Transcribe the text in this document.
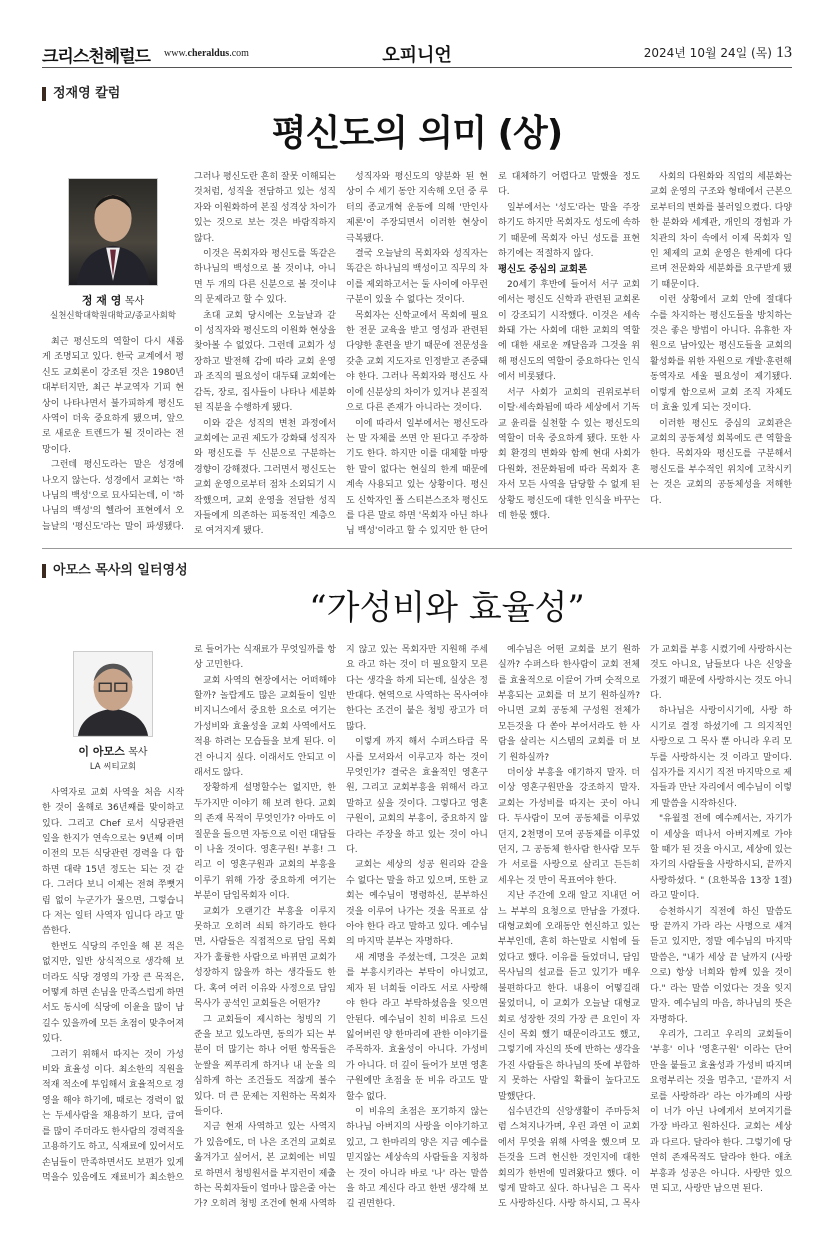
크리스천헤럴드 www.cheraldus.com	오피니언	2024년 10월 24일 (목) 13
정재영 칼럼
평신도의 의미 (상)
정 재 영 목사
실천신학대학원대학교/종교사회학

최근 평신도의 역할이 다시 새롭게 조명되고 있다. 한국 교계에서 평신도 교회론이 강조된 것은 1980년대부터지만, 최근 부교역자 기피 현상이 나타나면서 불가피하게 평신도 사역이 더욱 중요하게 됐으며, 앞으로 새로운 트렌드가 될 것이라는 전망이다.

그런데 평신도라는 말은 성경에 나오지 않는다. 성경에서 교회는 '하나님의 백성'으로 묘사되는데, 이 '하나님의 백성'의 헬라어 표현에서 오늘날의 '평신도'라는 말이 파생됐다. 그러나 평신도란 흔히 잘못 이해되는 것처럼, 성직을 전담하고 있는 성직자와 이원화하여 본질 성격상 차이가 있는 것으로 보는 것은 바람직하지 않다.

이것은 목회자와 평신도를 똑같은 하나님의 백성으로 볼 것이냐, 아니면 두 개의 다른 신분으로 볼 것이냐의 문제라고 할 수 있다.

초대 교회 당시에는 오늘날과 같이 성직자와 평신도의 이원화 현상을 찾아볼 수 없었다. 그런데 교회가 성장하고 발전해 감에 따라 교회 운영과 조직의 필요성이 대두돼 교회에는 감독, 장로, 집사들이 나타나 세분화된 직분을 수행하게 됐다.

이와 같은 성직의 변천 과정에서 교회에는 교권 제도가 강화돼 성직자와 평신도를 두 신분으로 구분하는 경향이 강해졌다. 그러면서 평신도는 교회 운영으로부터 점차 소외되기 시작했으며, 교회 운영을 전담한 성직자들에게 의존하는 피동적인 계층으로 여겨지게 됐다.

성직자와 평신도의 양분화 된 현상이 수 세기 동안 지속해 오던 중 루터의 종교개혁 운동에 의해 '만인사제론'이 주장되면서 이러한 현상이 극복됐다.

결국 오늘날의 목회자와 성직자는 똑같은 하나님의 백성이고 직무의 차이를 제외하고서는 둘 사이에 아무런 구분이 있을 수 없다는 것이다.

목회자는 신학교에서 목회에 필요한 전문 교육을 받고 영성과 관련된 다양한 훈련을 받기 때문에 전문성을 갖춘 교회 지도자로 인정받고 존중돼야 한다. 그러나 목회자와 평신도 사이에 신분상의 차이가 있거나 본질적으로 다른 존재가 아니라는 것이다.

이에 따라서 일부에서는 평신도라는 말 자체를 쓰면 안 된다고 주장하기도 한다. 하지만 이를 대체할 마땅한 말이 없다는 현실의 한계 때문에 계속 사용되고 있는 상황이다. 평신도 신학자인 폴 스티븐스조차 평신도를 다른 말로 하면 '목회자 아닌 하나님 백성'이라고 할 수 있지만 한 단어로 대체하기 어렵다고 말했을 정도다.

일부에서는 '성도'라는 말을 주장하기도 하지만 목회자도 성도에 속하기 때문에 목회자 아닌 성도를 표현하기에는 적절하지 않다.

평신도 중심의 교회론

20세기 후반에 들어서 서구 교회에서는 평신도 신학과 관련된 교회론이 강조되기 시작했다. 이것은 세속화돼 가는 사회에 대한 교회의 역할에 대한 새로운 깨달음과 그것을 위해 평신도의 역할이 중요하다는 인식에서 비롯됐다.

서구 사회가 교회의 권위로부터 이탈·세속화됨에 따라 세상에서 기독교 윤리를 실천할 수 있는 평신도의 역할이 더욱 중요하게 됐다. 또한 사회 환경의 변화와 함께 현대 사회가 다원화, 전문화됨에 따라 목회자 혼자서 모든 사역을 담당할 수 없게 된 상황도 평신도에 대한 인식을 바꾸는 데 한몫 했다.

사회의 다원화와 직업의 세분화는 교회 운영의 구조와 형태에서 근본으로부터의 변화를 불러일으켰다. 다양한 분화와 세계관, 개인의 경험과 가치관의 차이 속에서 이제 목회자 일인 체제의 교회 운영은 한계에 다다르며 전문화와 세분화를 요구받게 됐기 때문이다.

이런 상황에서 교회 안에 절대다수를 차지하는 평신도들을 방치하는 것은 좋은 방법이 아니다. 유휴한 자원으로 남아있는 평신도들을 교회의 활성화를 위한 자원으로 개발·훈련해 동역자로 세울 필요성이 제기됐다. 이렇게 함으로써 교회 조직 자체도 더 효율 있게 되는 것이다.

이러한 평신도 중심의 교회관은 교회의 공동체성 회복에도 큰 역할을 한다. 목회자와 평신도를 구분해서 평신도를 부수적인 위치에 고착시키는 것은 교회의 공동체성을 저해한다.

아모스 목사의 일터영성
“가성비와 효율성”
이 아모스 목사
LA 씨티교회

사역자로 교회 사역을 처음 시작한 것이 올해로 36년째를 맞이하고 있다. 그리고 Chef 로서 식당관련 일을 한지가 연속으로는 9년째 이며 이전의 모든 식당관련 경력을 다 합하면 대략 15년 정도는 되는 것 같다. 그러다 보니 이제는 전혀 쭈뼛거림 없이 누군가가 물으면, 그렇습니다 저는 일터 사역자 입니다 라고 말씀한다.

한번도 식당의 주인을 해 본 적은 없지만, 일반 상식적으로 생각해 보더라도 식당 경영의 가장 큰 목적은, 어떻게 하면 손님을 만족스럽게 하면서도 동시에 식당에 이윤을 많이 남길수 있을까에 모든 초점이 맞추어져 있다.

그러기 위해서 따지는 것이 가성비와 효율성 이다. 최소한의 직원을 적재 적소에 투입해서 효율적으로 경영을 해야 하기에, 때로는 경력이 없는 두세사람을 채용하기 보다, 급여를 많이 주더라도 한사람의 경력직을 고용하기도 하고, 식재료에 있어서도 손님들이 만족하면서도 보편가 있게 먹을수 있음에도 재료비가 최소한으로 들어가는 식재료가 무엇일까를 항상 고민한다.

교회 사역의 현장에서는 어떠해야 할까? 놀랍게도 많은 교회들이 일반 비지니스에서 중요한 요소로 여기는 가성비와 효율성을 교회 사역에서도 적용 하려는 모습들을 보게 된다. 이건 아니지 싶다. 이래서도 안되고 이래서도 않다.

장황하게 설명할수는 없지만, 한 두가지만 이야기 해 보려 한다. 교회의 존재 목적이 무엇인가? 아마도 이 질문을 들으면 자동으로 이런 대답들이 나올 것이다. 영혼구원! 부흥! 그리고 이 영혼구원과 교회의 부흥을 이루기 위해 가장 중요하게 여기는 부분이 담임목회자 이다.

교회가 오랜기간 부흥을 이루지 못하고 오히려 쇠퇴 하기라도 한다면, 사람들은 직접적으로 담임 목회자가 훌륭한 사람으로 바뀌면 교회가 성장하지 않을까 하는 생각들도 한다. 혹여 여러 이유와 사정으로 담임목사가 공석인 교회들은 어떤가?

그 교회들이 제시하는 청빙의 기준을 보고 있노라면, 동의가 되는 부분이 더 많기는 하나 어떤 항목들은 눈쌀을 찌푸리게 하거나 내 눈을 의심하게 하는 조건들도 적잖게 볼수 있다. 더 큰 문제는 지원하는 목회자 들이다.

지금 현재 사역하고 있는 사역지가 있음에도, 더 나은 조건의 교회로 옮겨가고 싶어서, 본 교회에는 비밀로 하면서 청빙원서를 부지런이 제출하는 목회자들이 얼마나 많은줄 아는가? 오히려 청빙 조건에 현재 사역하지 않고 있는 목회자만 지원해 주세요 라고 하는 것이 더 필요할지 모른다는 생각을 하게 되는데, 실상은 정 반대다. 현역으로 사역하는 목사여야 한다는 조건이 붙은 청빙 광고가 더 많다.

이렇게 까지 해서 수퍼스타급 목사를 모셔와서 이루고자 하는 것이 무엇인가? 결국은 효율적인 영혼구원, 그리고 교회부흥을 위해서 라고 말하고 싶을 것이다. 그렇다고 영혼구원이, 교회의 부흥이, 중요하지 않다라는 주장을 하고 있는 것이 아니다.

교회는 세상의 성공 원리와 같을 수 없다는 말을 하고 있으며, 또한 교회는 예수님이 명령하신, 분부하신 것을 이루어 나가는 것을 목표로 삼아야 한다 라고 말하고 있다. 예수님의 마지막 분부는 자명하다.

새 계명을 주셨는데, 그것은 교회를 부흥시키라는 부탁이 아니었고, 제자 된 너희들 이라도 서로 사랑해야 한다 라고 부탁하셨음을 잊으면 안된다. 예수님이 친히 비유로 드신 잃어버린 양 한마리에 관한 이야기를 주목하자. 효율성이 아니다. 가성비가 아니다. 더 깊이 들어가 보면 영혼 구원에만 초점을 둔 비유 라고도 말할수 없다.

이 비유의 초점은 포기하지 않는 하나님 아버지의 사랑을 이야기하고 있고, 그 한마리의 양은 지금 예수를 믿지않는 세상속의 사람들을 지칭하는 것이 아니라 바로 '나' 라는 말씀을 하고 계신다 라고 한번 생각해 보길 권면한다.

예수님은 어떤 교회를 보기 원하실까? 수퍼스타 한사람이 교회 전체를 효율적으로 이끌어 가며 숫적으로 부흥되는 교회를 더 보기 원하실까? 아니면 교회 공동체 구성원 전체가 모든것을 다 쏟아 부어서라도 한 사람을 살리는 시스템의 교회를 더 보기 원하실까?

더이상 부흥을 얘기하지 말자. 더이상 영혼구원만을 강조하지 말자. 교회는 가성비를 따지는 곳이 아니다. 두사람이 모여 공동체를 이루었던지, 2천명이 모여 공동체를 이루었던지, 그 공동체 한사람 한사람 모두가 서로를 사랑으로 살리고 든든히 세우는 것 만이 목표여야 한다.

지난 주간에 오래 알고 지내던 어느 부부의 요청으로 만남을 가졌다. 대형교회에 오래동안 헌신하고 있는 부부인데, 흔히 하는말로 시험에 들었다고 했다. 이유를 들었더니, 담임목사님의 설교를 듣고 있기가 매우 불편하다고 한다. 내용이 어떻길래 물었더니, 이 교회가 오늘날 대형교회로 성장한 것의 가장 큰 요인이 자신이 목회 했기 때문이라고도 했고, 그렇기에 자신의 뜻에 반하는 생각을 가진 사람들은 하나님의 뜻에 부합하지 못하는 사람일 확률이 높다고도 말했단다.

십수년간의 신앙생활이 주마등처럼 스쳐지나가며, 우린 과연 이 교회에서 무엇을 위해 사역을 했으며 모든것을 드려 헌신한 것인지에 대한 회의가 한번에 밀려왔다고 했다. 이렇게 말하고 싶다. 하나님은 그 목사도 사랑하신다. 사랑 하시되, 그 목사가 교회를 부흥 시켰기에 사랑하시는 것도 아니요, 남들보다 나은 신앙을 가졌기 때문에 사랑하시는 것도 아니다.

하나님은 사랑이시기에, 사랑 하시기로 결정 하셨기에 그 의지적인 사랑으로 그 목사 뿐 아니라 우리 모두를 사랑하시는 것 이라고 말이다. 십자가를 지시기 직전 마지막으로 제자들과 만난 자리에서 예수님이 이렇게 말씀을 시작하신다.

"유월절 전에 예수께서는, 자기가 이 세상을 떠나서 아버지께로 가야 할 때가 된 것을 아시고, 세상에 있는 자기의 사람들을 사랑하시되, 끝까지 사랑하셨다. " (요한복음 13장 1절) 라고 말이다.

승천하시기 직전에 하신 말씀도 땅 끝까지 가라 라는 사명으로 새겨듣고 있지만, 정말 예수님의 마지막 말씀은, "내가 세상 끝 날까지 (사랑으로) 항상 너희와 함께 있을 것이다." 라는 말씀 이었다는 것을 잊지말자. 예수님의 마음, 하나님의 뜻은 자명하다.

우리가, 그리고 우리의 교회들이 '부흥' 이나 '영혼구원' 이라는 단어만을 붙들고 효율성과 가성비 따지며 요령부리는 것을 멈추고, '끝까지 서로를 사랑하라' 라는 아가페의 사랑이 너가 아닌 나에게서 보여지기를 가장 바라고 원하신다. 교회는 세상과 다르다. 달라야 한다. 그렇기에 당연히 존재목적도 달라야 한다. 애초 부흥과 성공은 아니다. 사랑만 있으면 되고, 사랑만 남으면 된다.
